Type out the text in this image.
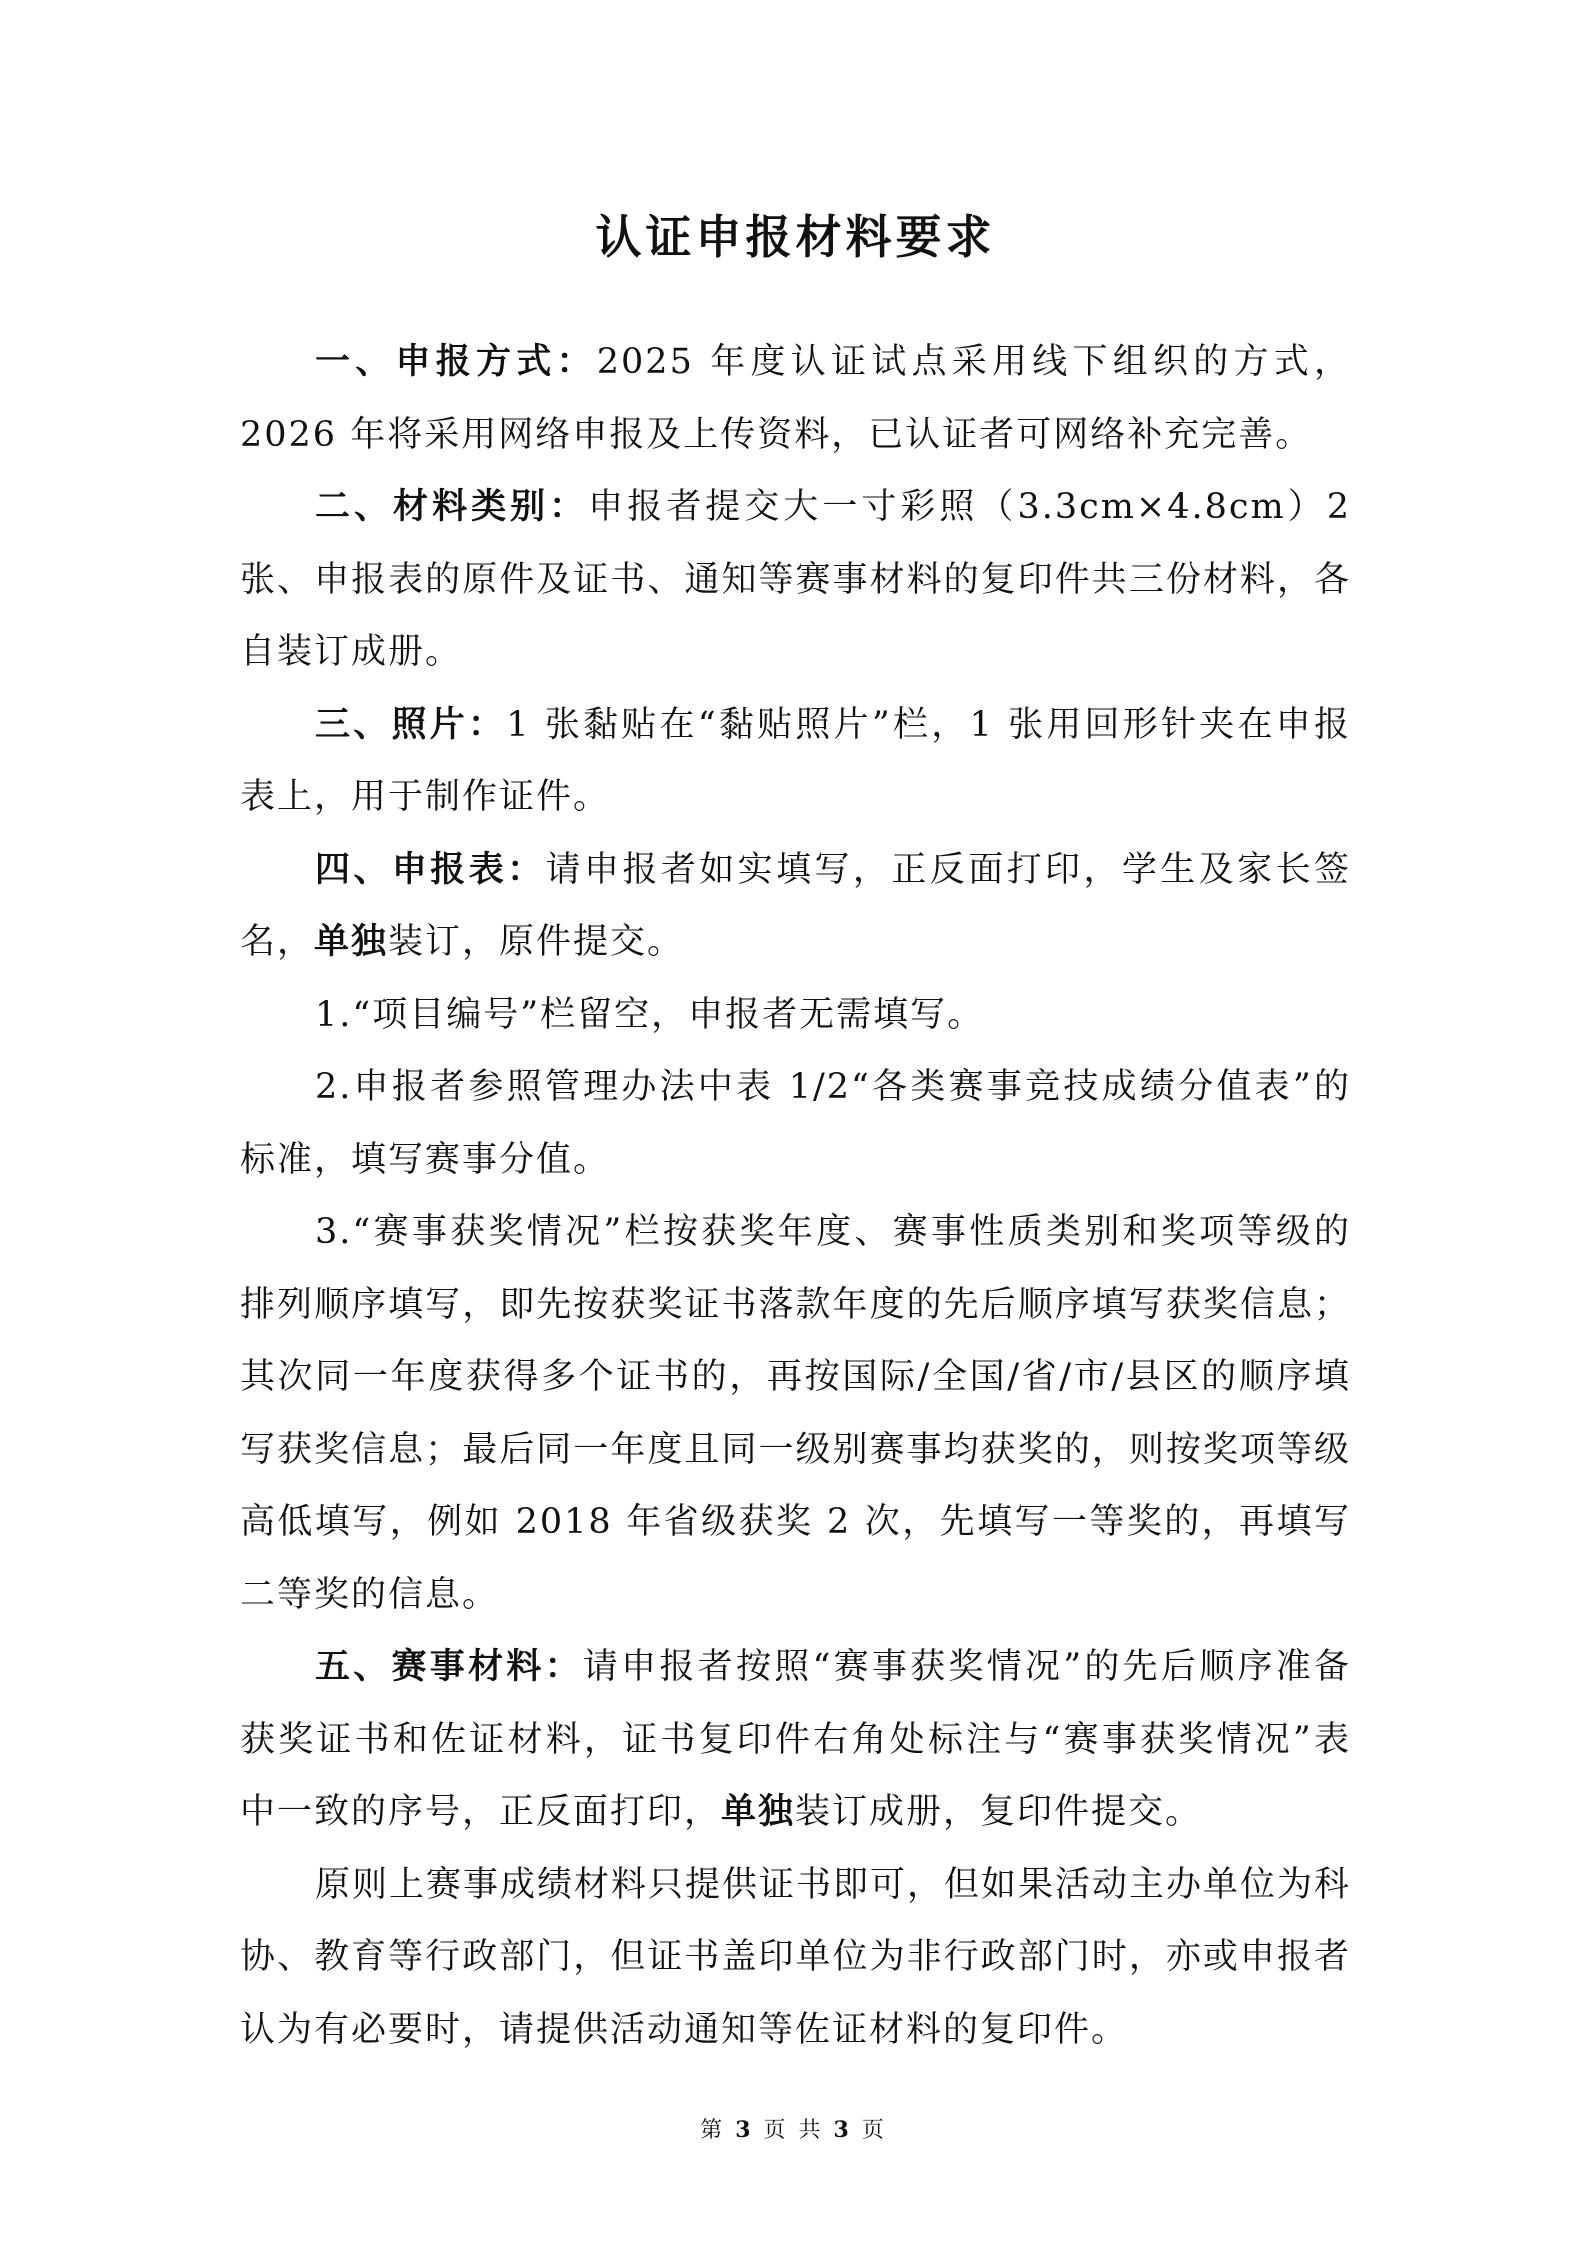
认证申报材料要求

一、申报方式：2025 年度认证试点采用线下组织的方式，2026 年将采用网络申报及上传资料，已认证者可网络补充完善。

二、材料类别：申报者提交大一寸彩照（3.3cm×4.8cm）2 张、申报表的原件及证书、通知等赛事材料的复印件共三份材料，各自装订成册。

三、照片：1 张黏贴在“黏贴照片”栏，1 张用回形针夹在申报表上，用于制作证件。

四、申报表：请申报者如实填写，正反面打印，学生及家长签名，单独装订，原件提交。

1.“项目编号”栏留空，申报者无需填写。

2.申报者参照管理办法中表 1/2“各类赛事竞技成绩分值表”的标准，填写赛事分值。

3.“赛事获奖情况”栏按获奖年度、赛事性质类别和奖项等级的排列顺序填写，即先按获奖证书落款年度的先后顺序填写获奖信息；其次同一年度获得多个证书的，再按国际/全国/省/市/县区的顺序填写获奖信息；最后同一年度且同一级别赛事均获奖的，则按奖项等级高低填写，例如 2018 年省级获奖 2 次，先填写一等奖的，再填写二等奖的信息。

五、赛事材料：请申报者按照“赛事获奖情况”的先后顺序准备获奖证书和佐证材料，证书复印件右角处标注与“赛事获奖情况”表中一致的序号，正反面打印，单独装订成册，复印件提交。

原则上赛事成绩材料只提供证书即可，但如果活动主办单位为科协、教育等行政部门，但证书盖印单位为非行政部门时，亦或申报者认为有必要时，请提供活动通知等佐证材料的复印件。

第 3 页 共 3 页
